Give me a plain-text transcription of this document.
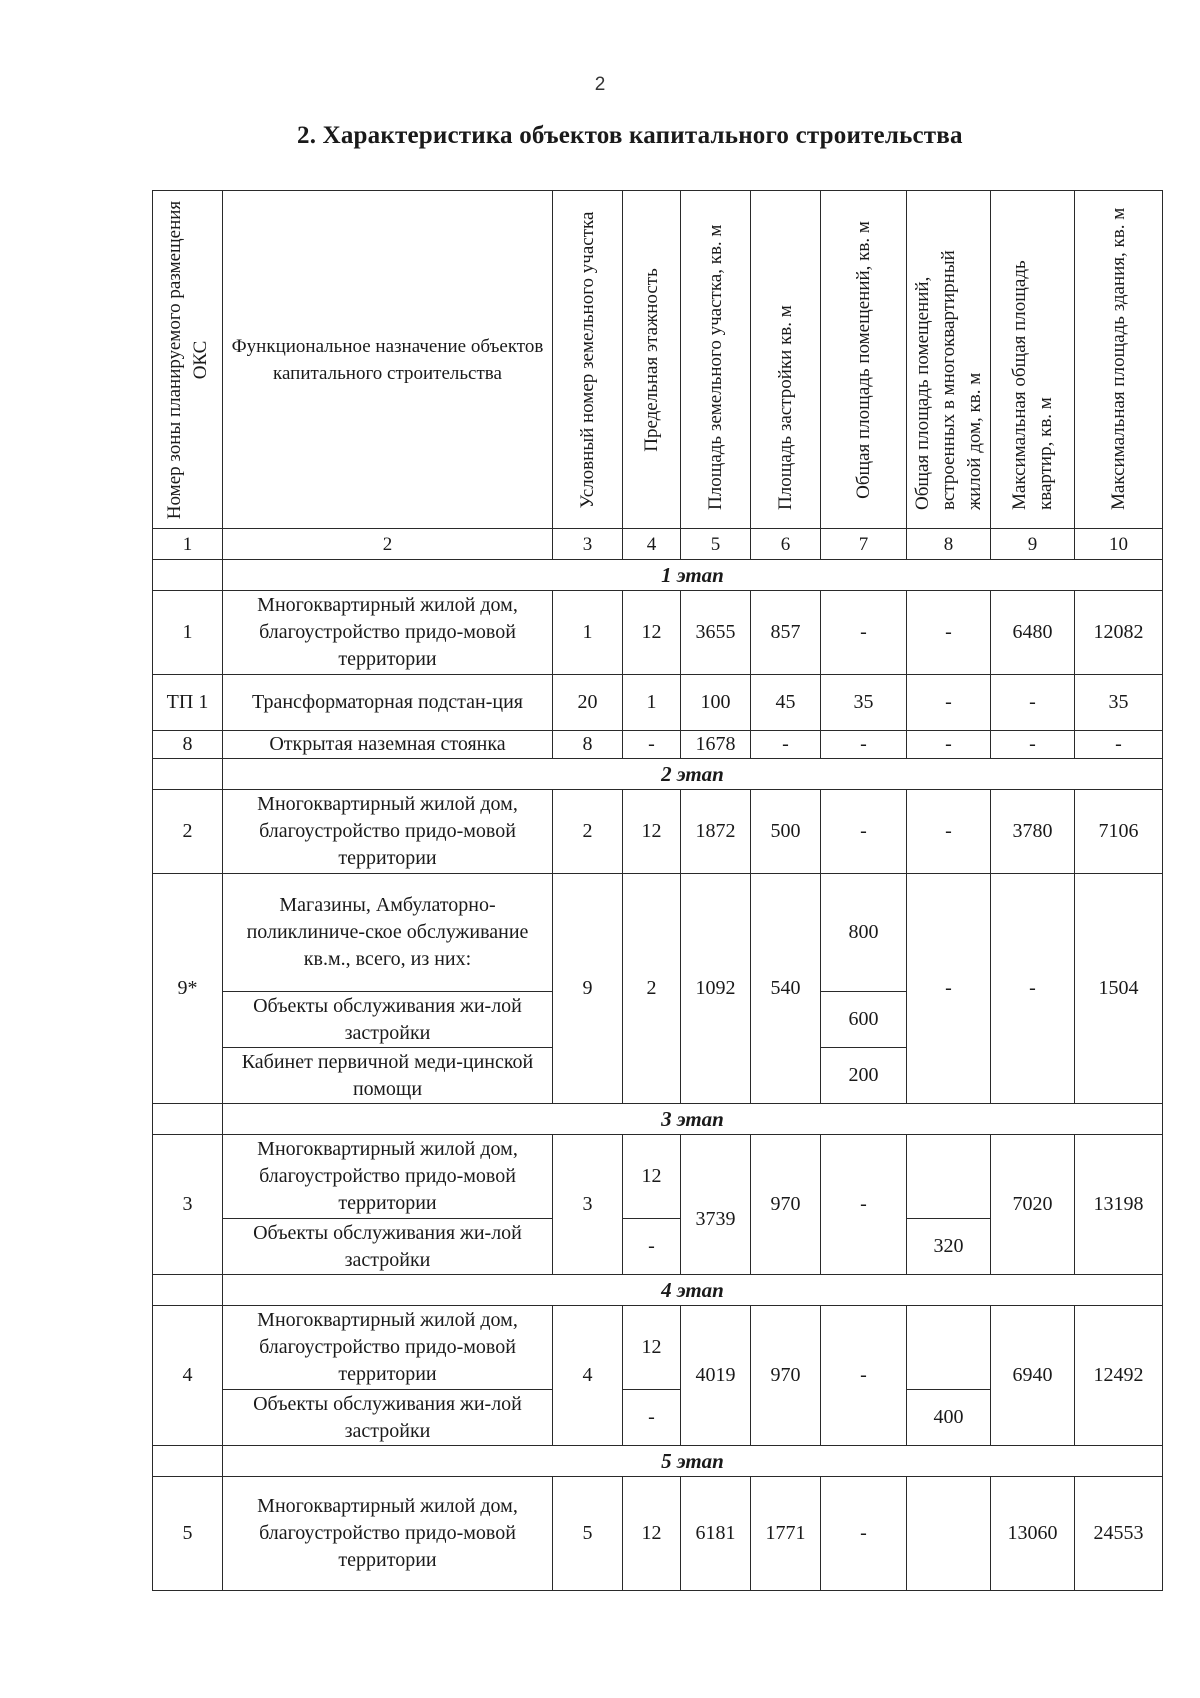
2
2. Характеристика объектов капитального строительства
Номер зоны планируемого размещения ОКС	Функциональное назначение объектов капитального строительства	Условный номер земельного участка	Предельная этажность	Площадь земельного участка, кв. м	Площадь застройки кв. м	Общая площадь помещений, кв. м	Общая площадь помещений, встроенных в многоквартирный жилой дом, кв. м	Максимальная общая площадь квартир, кв. м	Максимальная площадь здания, кв. м

1	2	3	4	5	6	7	8	9	10
	1 этап								
1	Многоквартирный жилой дом, благоустройство придо-мовой территории	1	12	3655	857	-	-	6480	12082
ТП 1	Трансформаторная подстан-ция	20	1	100	45	35	-	-	35
8	Открытая наземная стоянка	8	-	1678	-	-	-	-	-
	2 этап								
2	Многоквартирный жилой дом, благоустройство придо-мовой территории	2	12	1872	500	-	-	3780	7106
9*	Магазины, Амбулаторно-поликлиниче-ское обслуживание кв.м., всего, из них:	9	2	1092	540	800	-	-	1504
	Объекты обслуживания жи-лой застройки					600			
	Кабинет первичной меди-цинской помощи					200			
	3 этап								
3	Многоквартирный жилой дом, благоустройство придо-мовой территории	3	12	3739	970	-		7020	13198
	Объекты обслуживания жи-лой застройки		-				320		
	4 этап								
4	Многоквартирный жилой дом, благоустройство придо-мовой территории	4	12	4019	970	-		6940	12492
	Объекты обслуживания жи-лой застройки		-				400		
	5 этап								
5	Многоквартирный жилой дом, благоустройство придо-мовой территории	5	12	6181	1771	-		13060	24553
